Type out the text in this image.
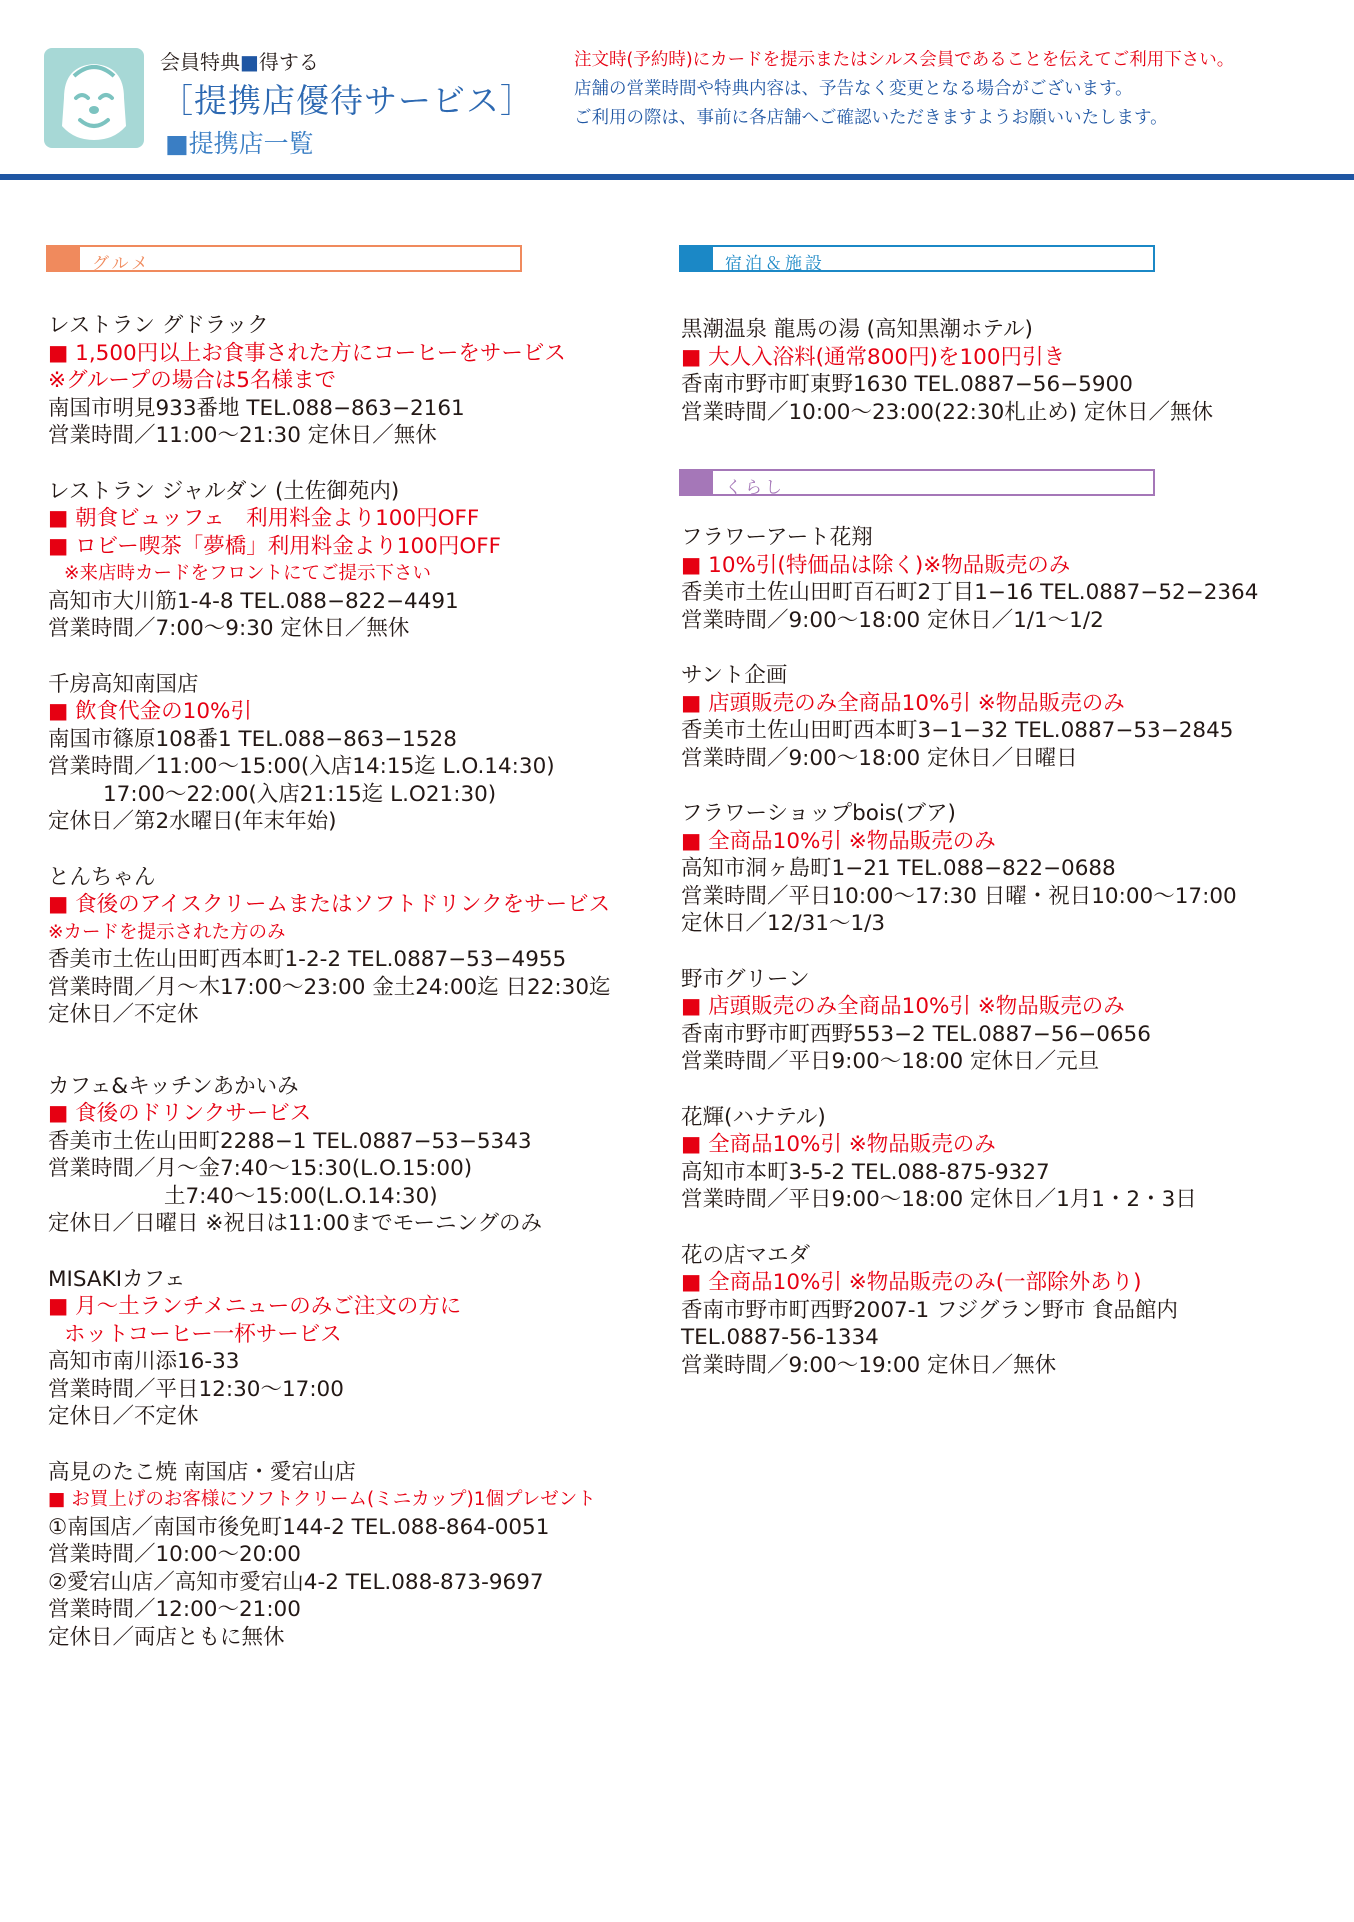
会員特典■得する
［提携店優待サービス］
■提携店一覧
注文時(予約時)にカードを提示またはシルス会員であることを伝えてご利用下さい。
店舗の営業時間や特典内容は、予告なく変更となる場合がございます。
ご利用の際は、事前に各店舗へご確認いただきますようお願いいたします。
グルメ	宿泊＆施設
くらし
レストラン グドラック
■ 1,500円以上お食事された方にコーヒーをサービス
※グループの場合は5名様まで
南国市明見933番地 TEL.088−863−2161
営業時間／11:00〜21:30 定休日／無休
レストラン ジャルダン (土佐御苑内)
■ 朝食ビュッフェ　利用料金より100円OFF
■ ロビー喫茶「夢橋」利用料金より100円OFF
※来店時カードをフロントにてご提示下さい
高知市大川筋1-4-8 TEL.088−822−4491
営業時間／7:00〜9:30 定休日／無休
千房高知南国店
■ 飲食代金の10%引
南国市篠原108番1 TEL.088−863−1528
営業時間／11:00〜15:00(入店14:15迄 L.O.14:30)
17:00〜22:00(入店21:15迄 L.O21:30)
定休日／第2水曜日(年末年始)
とんちゃん
■ 食後のアイスクリームまたはソフトドリンクをサービス
※カードを提示された方のみ
香美市土佐山田町西本町1-2-2 TEL.0887−53−4955
営業時間／月〜木17:00〜23:00 金土24:00迄 日22:30迄
定休日／不定休
カフェ&キッチンあかいみ
■ 食後のドリンクサービス
香美市土佐山田町2288−1 TEL.0887−53−5343
営業時間／月〜金7:40〜15:30(L.O.15:00)
土7:40〜15:00(L.O.14:30)
定休日／日曜日 ※祝日は11:00までモーニングのみ
MISAKIカフェ
■ 月〜土ランチメニューのみご注文の方に
ホットコーヒー一杯サービス
高知市南川添16-33
営業時間／平日12:30〜17:00
定休日／不定休
高見のたこ焼 南国店・愛宕山店
■ お買上げのお客様にソフトクリーム(ミニカップ)1個プレゼント
①南国店／南国市後免町144-2 TEL.088-864-0051
営業時間／10:00〜20:00
②愛宕山店／高知市愛宕山4-2 TEL.088-873-9697
営業時間／12:00〜21:00
定休日／両店ともに無休
黒潮温泉 龍馬の湯 (高知黒潮ホテル)
■ 大人入浴料(通常800円)を100円引き
香南市野市町東野1630 TEL.0887−56−5900
営業時間／10:00〜23:00(22:30札止め) 定休日／無休
フラワーアート花翔
■ 10%引(特価品は除く)※物品販売のみ
香美市土佐山田町百石町2丁目1−16 TEL.0887−52−2364
営業時間／9:00〜18:00 定休日／1/1〜1/2
サント企画
■ 店頭販売のみ全商品10%引 ※物品販売のみ
香美市土佐山田町西本町3−1−32 TEL.0887−53−2845
営業時間／9:00〜18:00 定休日／日曜日
フラワーショップbois(ブア)
■ 全商品10%引 ※物品販売のみ
高知市洞ヶ島町1−21 TEL.088−822−0688
営業時間／平日10:00〜17:30 日曜・祝日10:00〜17:00
定休日／12/31〜1/3
野市グリーン
■ 店頭販売のみ全商品10%引 ※物品販売のみ
香南市野市町西野553−2 TEL.0887−56−0656
営業時間／平日9:00〜18:00 定休日／元旦
花輝(ハナテル)
■ 全商品10%引 ※物品販売のみ
高知市本町3-5-2 TEL.088-875-9327
営業時間／平日9:00〜18:00 定休日／1月1・2・3日
花の店マエダ
■ 全商品10%引 ※物品販売のみ(一部除外あり)
香南市野市町西野2007-1 フジグラン野市 食品館内
TEL.0887-56-1334
営業時間／9:00〜19:00 定休日／無休
